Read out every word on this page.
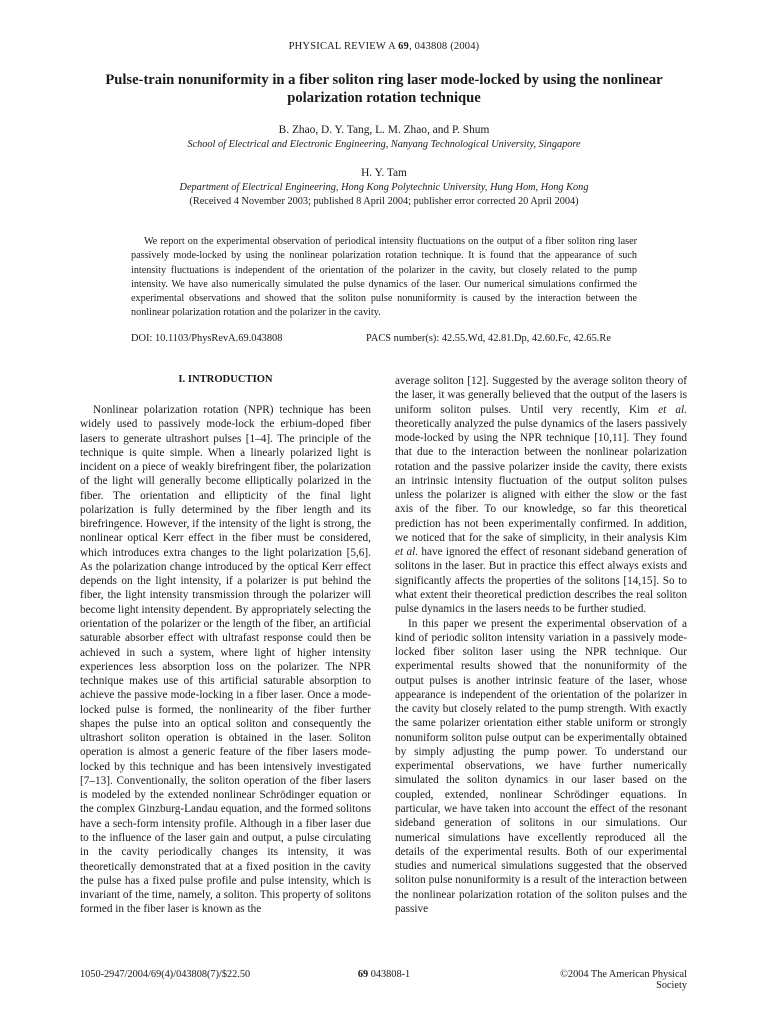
PHYSICAL REVIEW A 69, 043808 (2004)
Pulse-train nonuniformity in a fiber soliton ring laser mode-locked by using the nonlinear polarization rotation technique
B. Zhao, D. Y. Tang, L. M. Zhao, and P. Shum
School of Electrical and Electronic Engineering, Nanyang Technological University, Singapore
H. Y. Tam
Department of Electrical Engineering, Hong Kong Polytechnic University, Hung Hom, Hong Kong
(Received 4 November 2003; published 8 April 2004; publisher error corrected 20 April 2004)
We report on the experimental observation of periodical intensity fluctuations on the output of a fiber soliton ring laser passively mode-locked by using the nonlinear polarization rotation technique. It is found that the appearance of such intensity fluctuations is independent of the orientation of the polarizer in the cavity, but closely related to the pump intensity. We have also numerically simulated the pulse dynamics of the laser. Our numerical simulations confirmed the experimental observations and showed that the soliton pulse nonuniformity is caused by the interaction between the nonlinear polarization rotation and the polarizer in the cavity.
DOI: 10.1103/PhysRevA.69.043808	PACS number(s): 42.55.Wd, 42.81.Dp, 42.60.Fc, 42.65.Re
I. INTRODUCTION
Nonlinear polarization rotation (NPR) technique has been widely used to passively mode-lock the erbium-doped fiber lasers to generate ultrashort pulses [1–4]. The principle of the technique is quite simple. When a linearly polarized light is incident on a piece of weakly birefringent fiber, the polarization of the light will generally become elliptically polarized in the fiber. The orientation and ellipticity of the final light polarization is fully determined by the fiber length and its birefringence. However, if the intensity of the light is strong, the nonlinear optical Kerr effect in the fiber must be considered, which introduces extra changes to the light polarization [5,6]. As the polarization change introduced by the optical Kerr effect depends on the light intensity, if a polarizer is put behind the fiber, the light intensity transmission through the polarizer will become light intensity dependent. By appropriately selecting the orientation of the polarizer or the length of the fiber, an artificial saturable absorber effect with ultrafast response could then be achieved in such a system, where light of higher intensity experiences less absorption loss on the polarizer. The NPR technique makes use of this artificial saturable absorption to achieve the passive mode-locking in a fiber laser. Once a mode-locked pulse is formed, the nonlinearity of the fiber further shapes the pulse into an optical soliton and consequently the ultrashort soliton operation is obtained in the laser. Soliton operation is almost a generic feature of the fiber lasers mode-locked by this technique and has been intensively investigated [7–13]. Conventionally, the soliton operation of the fiber lasers is modeled by the extended nonlinear Schrödinger equation or the complex Ginzburg-Landau equation, and the formed solitons have a sech-form intensity profile. Although in a fiber laser due to the influence of the laser gain and output, a pulse circulating in the cavity periodically changes its intensity, it was theoretically demonstrated that at a fixed position in the cavity the pulse has a fixed pulse profile and pulse intensity, which is invariant of the time, namely, a soliton. This property of solitons formed in the fiber laser is known as the

average soliton [12]. Suggested by the average soliton theory of the laser, it was generally believed that the output of the lasers is uniform soliton pulses. Until very recently, Kim et al. theoretically analyzed the pulse dynamics of the lasers passively mode-locked by using the NPR technique [10,11]. They found that due to the interaction between the nonlinear polarization rotation and the passive polarizer inside the cavity, there exists an intrinsic intensity fluctuation of the output soliton pulses unless the polarizer is aligned with either the slow or the fast axis of the fiber. To our knowledge, so far this theoretical prediction has not been experimentally confirmed. In addition, we noticed that for the sake of simplicity, in their analysis Kim et al. have ignored the effect of resonant sideband generation of solitons in the laser. But in practice this effect always exists and significantly affects the properties of the solitons [14,15]. So to what extent their theoretical prediction describes the real soliton pulse dynamics in the lasers needs to be further studied.

In this paper we present the experimental observation of a kind of periodic soliton intensity variation in a passively mode-locked fiber soliton laser using the NPR technique. Our experimental results showed that the nonuniformity of the output pulses is another intrinsic feature of the laser, whose appearance is independent of the orientation of the polarizer in the cavity but closely related to the pump strength. With exactly the same polarizer orientation either stable uniform or strongly nonuniform soliton pulse output can be experimentally obtained by simply adjusting the pump power. To understand our experimental observations, we have further numerically simulated the soliton dynamics in our laser based on the coupled, extended, nonlinear Schrödinger equations. In particular, we have taken into account the effect of the resonant sideband generation of solitons in our simulations. Our numerical simulations have excellently reproduced all the details of the experimental results. Both of our experimental studies and numerical simulations suggested that the observed soliton pulse nonuniformity is a result of the interaction between the nonlinear polarization rotation of the soliton pulses and the passive

1050-2947/2004/69(4)/043808(7)/$22.50	69 043808-1	©2004 The American Physical Society
